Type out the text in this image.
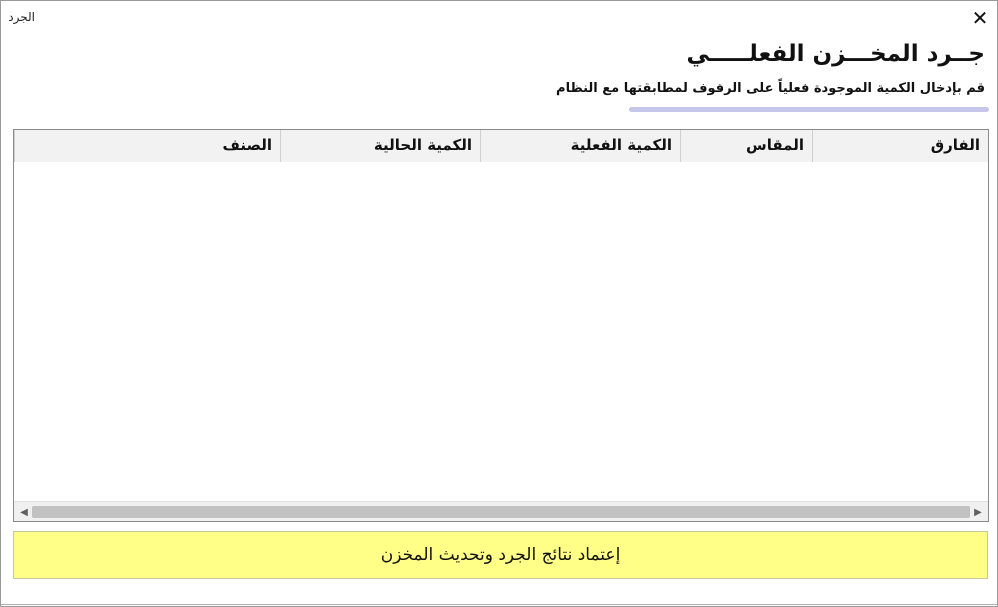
الجرد	✕
جــرد المخـــزن الفعلـــــي
قم بإدخال الكمية الموجودة فعلياً على الرفوف لمطابقتها مع النظام
الصنف	الكمية الحالية	الكمية الفعلية	المقاس	الفارق
◀	▶
إعتماد نتائج الجرد وتحديث المخزن
